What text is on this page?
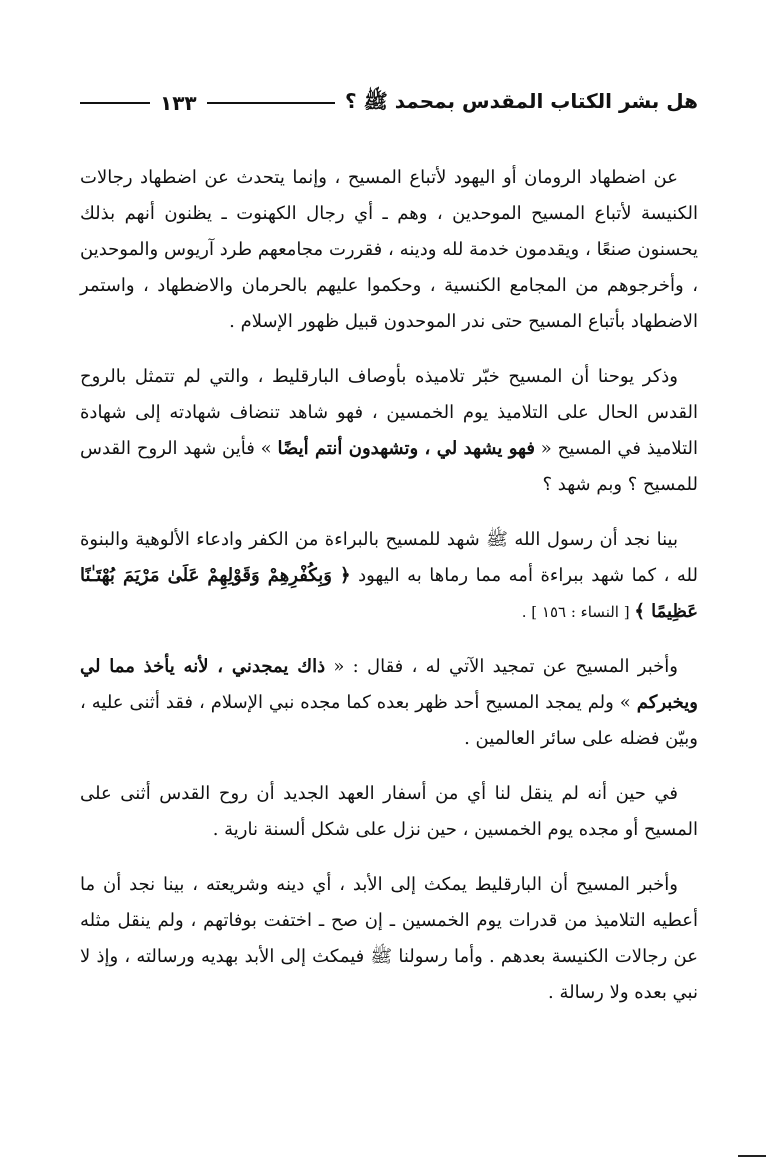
هل بشر الكتاب المقدس بمحمد ﷺ ؟
١٣٣

عن اضطهاد الرومان أو اليهود لأتباع المسيح ، وإنما يتحدث عن اضطهاد رجالات الكنيسة لأتباع المسيح الموحدين ، وهم ـ أي رجال الكهنوت ـ يظنون أنهم بذلك يحسنون صنعًا ، ويقدمون خدمة لله ودينه ، فقررت مجامعهم طرد آريوس والموحدين ، وأخرجوهم من المجامع الكنسية ، وحكموا عليهم بالحرمان والاضطهاد ، واستمر الاضطهاد بأتباع المسيح حتى ندر الموحدون قبيل ظهور الإسلام .

وذكر يوحنا أن المسيح خبّر تلاميذه بأوصاف البارقليط ، والتي لم تتمثل بالروح القدس الحال على التلاميذ يوم الخمسين ، فهو شاهد تنضاف شهادته إلى شهادة التلاميذ في المسيح « فهو يشهد لي ، وتشهدون أنتم أيضًا » فأين شهد الروح القدس للمسيح ؟ وبم شهد ؟

بينا نجد أن رسول الله ﷺ شهد للمسيح بالبراءة من الكفر وادعاء الألوهية والبنوة لله ، كما شهد ببراءة أمه مما رماها به اليهود ﴿ وَبِكُفْرِهِمْ وَقَوْلِهِمْ عَلَىٰ مَرْيَمَ بُهْتَـٰنًا عَظِيمًا ﴾ [ النساء : ١٥٦ ] .

وأخبر المسيح عن تمجيد الآتي له ، فقال : « ذاك يمجدني ، لأنه يأخذ مما لي ويخبركم » ولم يمجد المسيح أحد ظهر بعده كما مجده نبي الإسلام ، فقد أثنى عليه ، وبيّن فضله على سائر العالمين .

في حين أنه لم ينقل لنا أي من أسفار العهد الجديد أن روح القدس أثنى على المسيح أو مجده يوم الخمسين ، حين نزل على شكل ألسنة نارية .

وأخبر المسيح أن البارقليط يمكث إلى الأبد ، أي دينه وشريعته ، بينا نجد أن ما أعطيه التلاميذ من قدرات يوم الخمسين ـ إن صح ـ اختفت بوفاتهم ، ولم ينقل مثله عن رجالات الكنيسة بعدهم . وأما رسولنا ﷺ فيمكث إلى الأبد بهديه ورسالته ، وإذ لا نبي بعده ولا رسالة .
